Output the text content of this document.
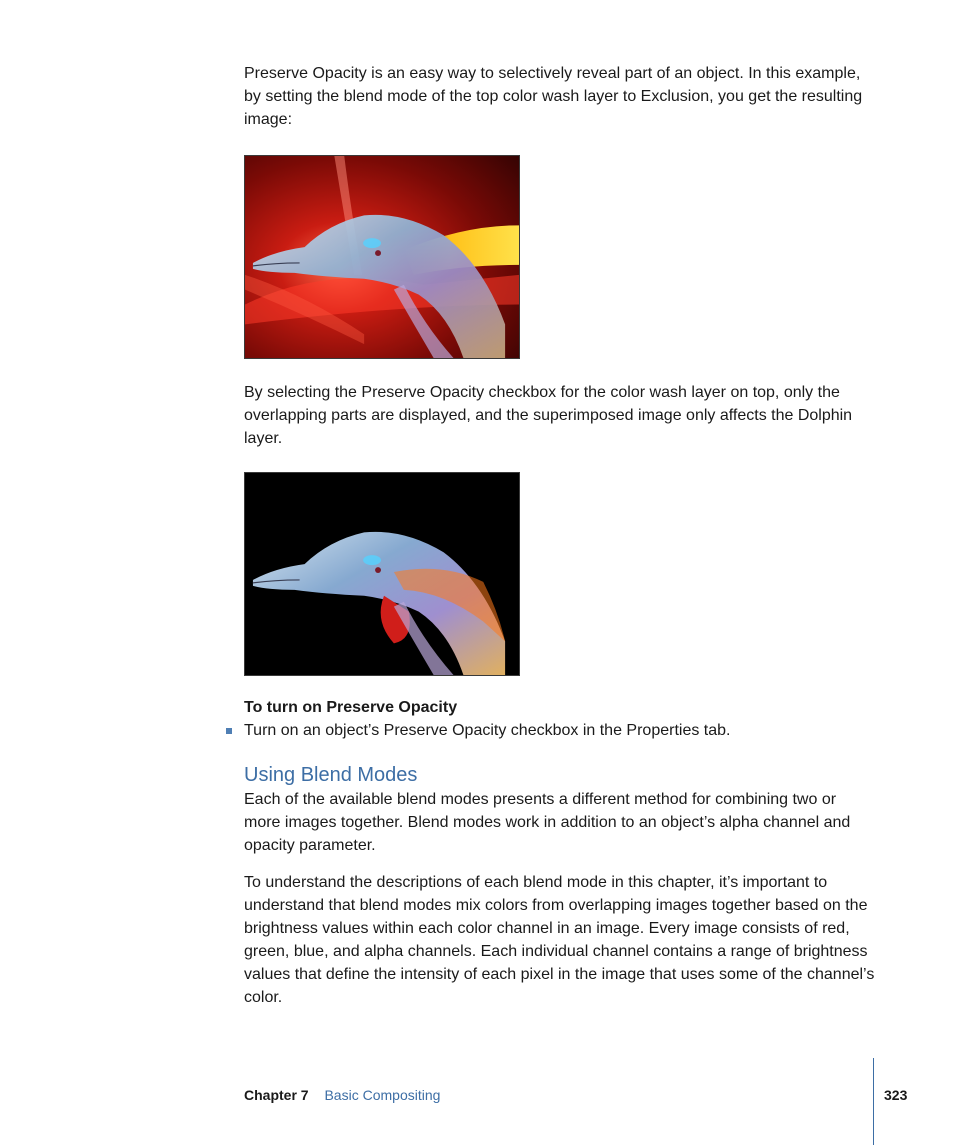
Preserve Opacity is an easy way to selectively reveal part of an object. In this example, by setting the blend mode of the top color wash layer to Exclusion, you get the resulting image:

By selecting the Preserve Opacity checkbox for the color wash layer on top, only the overlapping parts are displayed, and the superimposed image only affects the Dolphin layer.

To turn on Preserve Opacity

Turn on an object’s Preserve Opacity checkbox in the Properties tab.
Using Blend Modes

Each of the available blend modes presents a different method for combining two or more images together. Blend modes work in addition to an object’s alpha channel and opacity parameter.

To understand the descriptions of each blend mode in this chapter, it’s important to understand that blend modes mix colors from overlapping images together based on the brightness values within each color channel in an image. Every image consists of red, green, blue, and alpha channels. Each individual channel contains a range of brightness values that define the intensity of each pixel in the image that uses some of the channel’s color.

Chapter 7 Basic Compositing	323
